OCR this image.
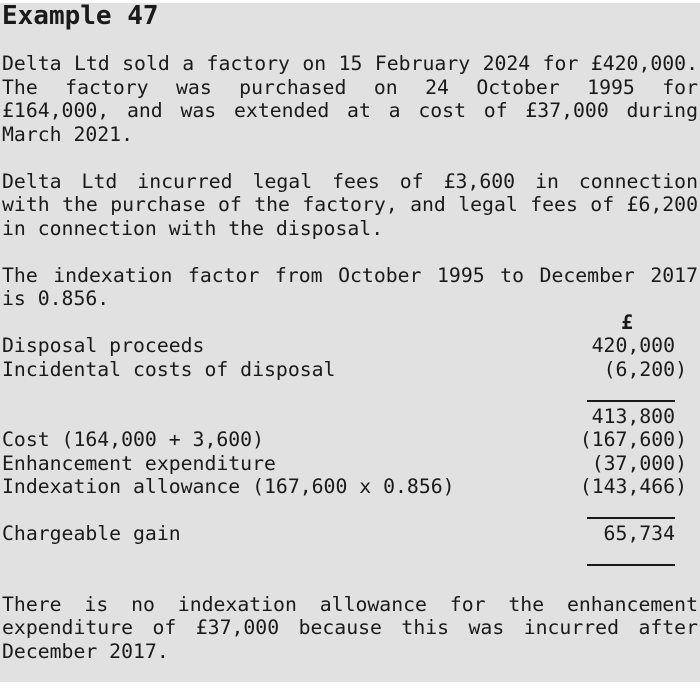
Example 47
Delta Ltd sold a factory on 15 February 2024 for £420,000.
The factory was purchased on 24 October 1995 for
£164,000, and was extended at a cost of £37,000 during
March 2021.
Delta Ltd incurred legal fees of £3,600 in connection
with the purchase of the factory, and legal fees of £6,200
in connection with the disposal.
The indexation factor from October 1995 to December 2017
is 0.856.
£
Disposal proceeds	420,000
Incidental costs of disposal	(6,200)
413,800
Cost (164,000 + 3,600)	(167,600)
Enhancement expenditure	(37,000)
Indexation allowance (167,600 x 0.856)	(143,466)
Chargeable gain	65,734
There is no indexation allowance for the enhancement
expenditure of £37,000 because this was incurred after
December 2017.
